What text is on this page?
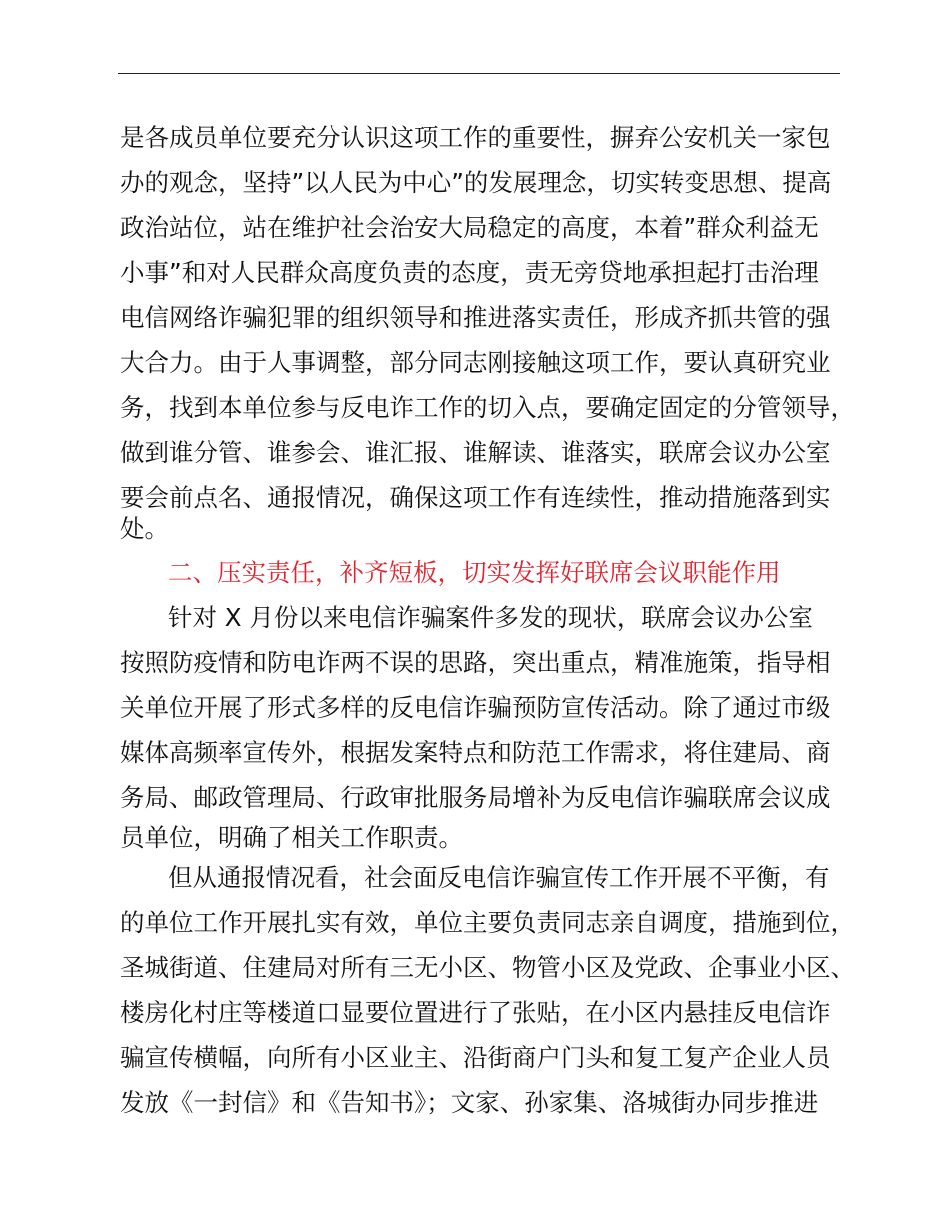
是各成员单位要充分认识这项工作的重要性，摒弃公安机关一家包

办的观念，坚持”以人民为中心”的发展理念，切实转变思想、提高

政治站位，站在维护社会治安大局稳定的高度，本着”群众利益无

小事”和对人民群众高度负责的态度，责无旁贷地承担起打击治理

电信网络诈骗犯罪的组织领导和推进落实责任，形成齐抓共管的强

大合力。由于人事调整，部分同志刚接触这项工作，要认真研究业

务，找到本单位参与反电诈工作的切入点，要确定固定的分管领导，

做到谁分管、谁参会、谁汇报、谁解读、谁落实，联席会议办公室

要会前点名、通报情况，确保这项工作有连续性，推动措施落到实

处。

二、压实责任，补齐短板，切实发挥好联席会议职能作用

针对 X 月份以来电信诈骗案件多发的现状，联席会议办公室

按照防疫情和防电诈两不误的思路，突出重点，精准施策，指导相

关单位开展了形式多样的反电信诈骗预防宣传活动。除了通过市级

媒体高频率宣传外，根据发案特点和防范工作需求，将住建局、商

务局、邮政管理局、行政审批服务局增补为反电信诈骗联席会议成

员单位，明确了相关工作职责。

但从通报情况看，社会面反电信诈骗宣传工作开展不平衡，有

的单位工作开展扎实有效，单位主要负责同志亲自调度，措施到位，

圣城街道、住建局对所有三无小区、物管小区及党政、企事业小区、

楼房化村庄等楼道口显要位置进行了张贴，在小区内悬挂反电信诈

骗宣传横幅，向所有小区业主、沿街商户门头和复工复产企业人员

发放《一封信》和《告知书》；文家、孙家集、洛城街办同步推进
